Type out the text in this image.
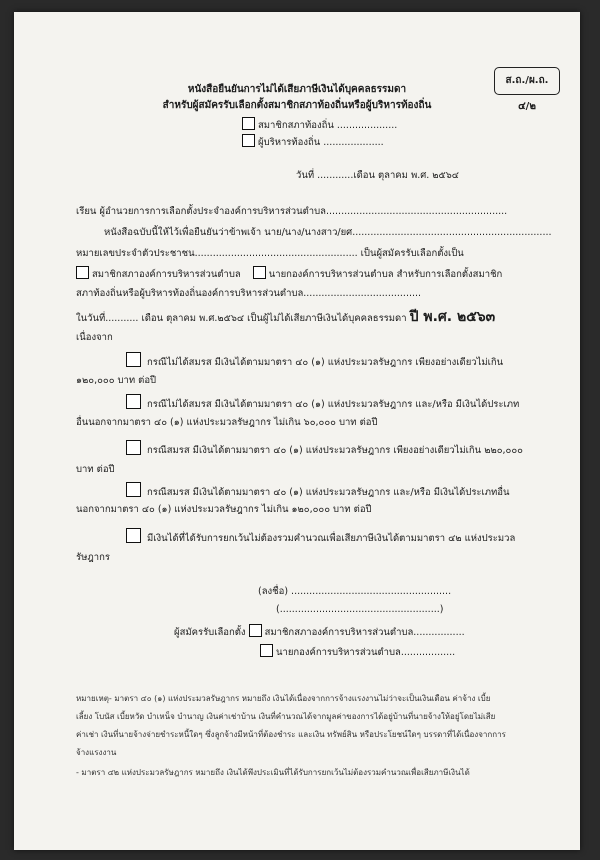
ส.ถ./ผ.ถ. ๔/๒
หนังสือยืนยันการไม่ได้เสียภาษีเงินได้บุคคลธรรมดา
สำหรับผู้สมัครรับเลือกตั้งสมาชิกสภาท้องถิ่นหรือผู้บริหารท้องถิ่น
สมาชิกสภาท้องถิ่น ....................
ผู้บริหารท้องถิ่น ....................
วันที่ ............เดือน ตุลาคม พ.ศ. ๒๕๖๔
เรียน ผู้อำนวยการการเลือกตั้งประจำองค์การบริหารส่วนตำบล............................................................
หนังสือฉบับนี้ให้ไว้เพื่อยืนยันว่าข้าพเจ้า นาย/นาง/นางสาว/ยศ..................................................................
หมายเลขประจำตัวประชาชน...................................................... เป็นผู้สมัครรับเลือกตั้งเป็น
สมาชิกสภาองค์การบริหารส่วนตำบล	นายกองค์การบริหารส่วนตำบล สำหรับการเลือกตั้งสมาชิก
สภาท้องถิ่นหรือผู้บริหารท้องถิ่นองค์การบริหารส่วนตำบล.......................................
ในวันที่........... เดือน ตุลาคม พ.ศ.๒๕๖๔ เป็นผู้ไม่ได้เสียภาษีเงินได้บุคคลธรรมดา ปี พ.ศ. ๒๕๖๓
เนื่องจาก
กรณีไม่ได้สมรส มีเงินได้ตามมาตรา ๔๐ (๑) แห่งประมวลรัษฎากร เพียงอย่างเดียวไม่เกิน
๑๒๐,๐๐๐ บาท ต่อปี
กรณีไม่ได้สมรส มีเงินได้ตามมาตรา ๔๐ (๑) แห่งประมวลรัษฎากร และ/หรือ มีเงินได้ประเภท
อื่นนอกจากมาตรา ๔๐ (๑) แห่งประมวลรัษฎากร ไม่เกิน ๖๐,๐๐๐ บาท ต่อปี
กรณีสมรส มีเงินได้ตามมาตรา ๔๐ (๑) แห่งประมวลรัษฎากร เพียงอย่างเดียวไม่เกิน ๒๒๐,๐๐๐
บาท ต่อปี
กรณีสมรส มีเงินได้ตามมาตรา ๔๐ (๑) แห่งประมวลรัษฎากร และ/หรือ มีเงินได้ประเภทอื่น
นอกจากมาตรา ๔๐ (๑) แห่งประมวลรัษฎากร ไม่เกิน ๑๒๐,๐๐๐ บาท ต่อปี
มีเงินได้ที่ได้รับการยกเว้นไม่ต้องรวมคำนวณเพื่อเสียภาษีเงินได้ตามมาตรา ๔๒ แห่งประมวล
รัษฎากร
(ลงชื่อ) .....................................................
(.....................................................)
ผู้สมัครรับเลือกตั้ง สมาชิกสภาองค์การบริหารส่วนตำบล.................
นายกองค์การบริหารส่วนตำบล..................
หมายเหตุ- มาตรา ๔๐ (๑) แห่งประมวลรัษฎากร หมายถึง เงินได้เนื่องจากการจ้างแรงงานไม่ว่าจะเป็นเงินเดือน ค่าจ้าง เบี้ย
เลี้ยง โบนัส เบี้ยหวัด บำเหน็จ บำนาญ เงินค่าเช่าบ้าน เงินที่คำนวณได้จากมูลค่าของการได้อยู่บ้านที่นายจ้างให้อยู่โดยไม่เสีย
ค่าเช่า เงินที่นายจ้างจ่ายชำระหนี้ใดๆ ซึ่งลูกจ้างมีหน้าที่ต้องชำระ และเงิน ทรัพย์สิน หรือประโยชน์ใดๆ บรรดาที่ได้เนื่องจากการ
จ้างแรงงาน
- มาตรา ๔๒ แห่งประมวลรัษฎากร หมายถึง เงินได้พึงประเมินที่ได้รับการยกเว้นไม่ต้องรวมคำนวณเพื่อเสียภาษีเงินได้
